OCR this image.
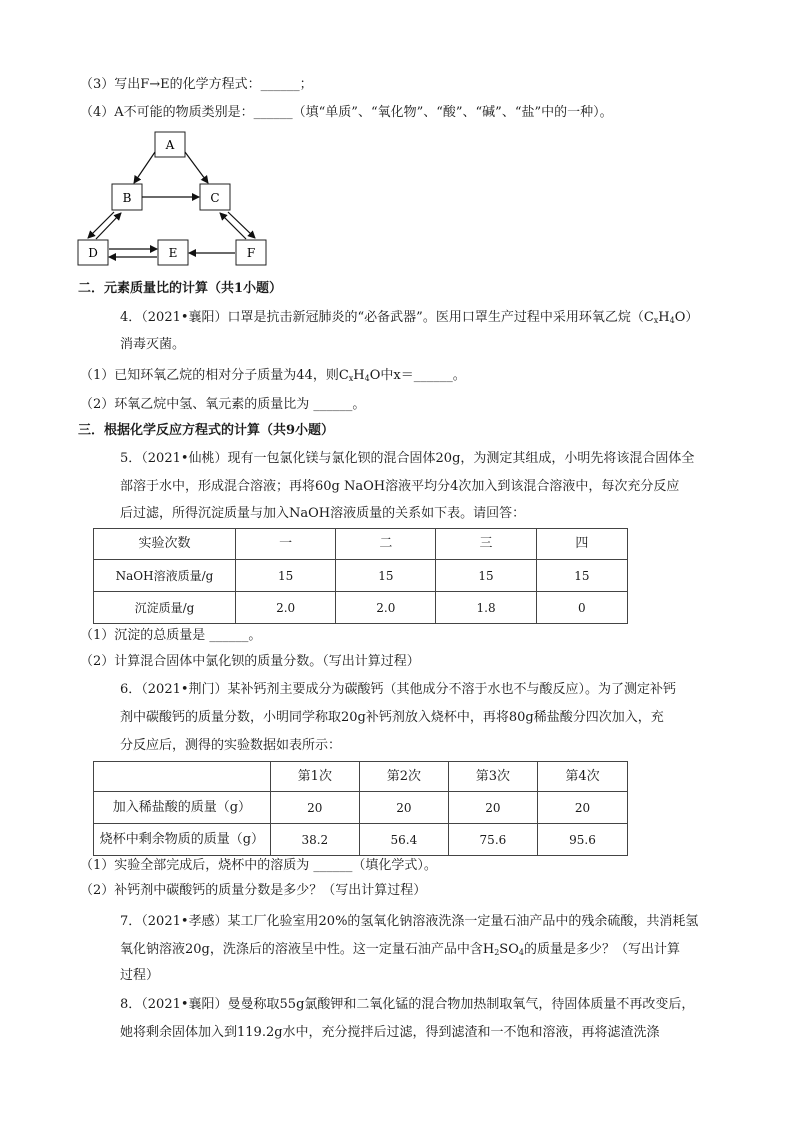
（3）写出F→E的化学方程式：______；
（4）A不可能的物质类别是：______（填“单质”、“氧化物”、“酸”、“碱”、“盐”中的一种）。
A
B	C
D	E	F
二．元素质量比的计算（共1小题）
4．（2021•襄阳）口罩是抗击新冠肺炎的“必备武器”。医用口罩生产过程中采用环氧乙烷$(C_xH_4O)$
消毒灭菌。
（1）已知环氧乙烷的相对分子质量为44，则$C_xH_4O$中x＝______。
（2）环氧乙烷中氢、氧元素的质量比为 ______。
三．根据化学反应方程式的计算（共9小题）
5．（2021•仙桃）现有一包氯化镁与氯化钡的混合固体20g，为测定其组成，小明先将该混合固体全
部溶于水中，形成混合溶液；再将60g NaOH溶液平均分4次加入到该混合溶液中，每次充分反应
后过滤，所得沉淀质量与加入NaOH溶液质量的关系如下表。请回答：
实验次数	一	二	三	四
NaOH溶液质量/g	15	15	15	15
沉淀质量/g	2.0	2.0	1.8	0
（1）沉淀的总质量是 ______。
（2）计算混合固体中氯化钡的质量分数。（写出计算过程）
6．（2021•荆门）某补钙剂主要成分为碳酸钙（其他成分不溶于水也不与酸反应）。为了测定补钙
剂中碳酸钙的质量分数，小明同学称取20g补钙剂放入烧杯中，再将80g稀盐酸分四次加入，充
分反应后，测得的实验数据如表所示：
	第1次	第2次	第3次	第4次
加入稀盐酸的质量（g）	20	20	20	20
烧杯中剩余物质的质量（g）	38.2	56.4	75.6	95.6
（1）实验全部完成后，烧杯中的溶质为 ______（填化学式）。
（2）补钙剂中碳酸钙的质量分数是多少？（写出计算过程）
7．（2021•孝感）某工厂化验室用20%的氢氧化钠溶液洗涤一定量石油产品中的残余硫酸，共消耗氢
氧化钠溶液20g，洗涤后的溶液呈中性。这一定量石油产品中含$H_2SO_4$的质量是多少？（写出计算
过程）
8．（2021•襄阳）曼曼称取55g氯酸钾和二氧化锰的混合物加热制取氧气，待固体质量不再改变后，
她将剩余固体加入到119.2g水中，充分搅拌后过滤，得到滤渣和一不饱和溶液，再将滤渣洗涤
